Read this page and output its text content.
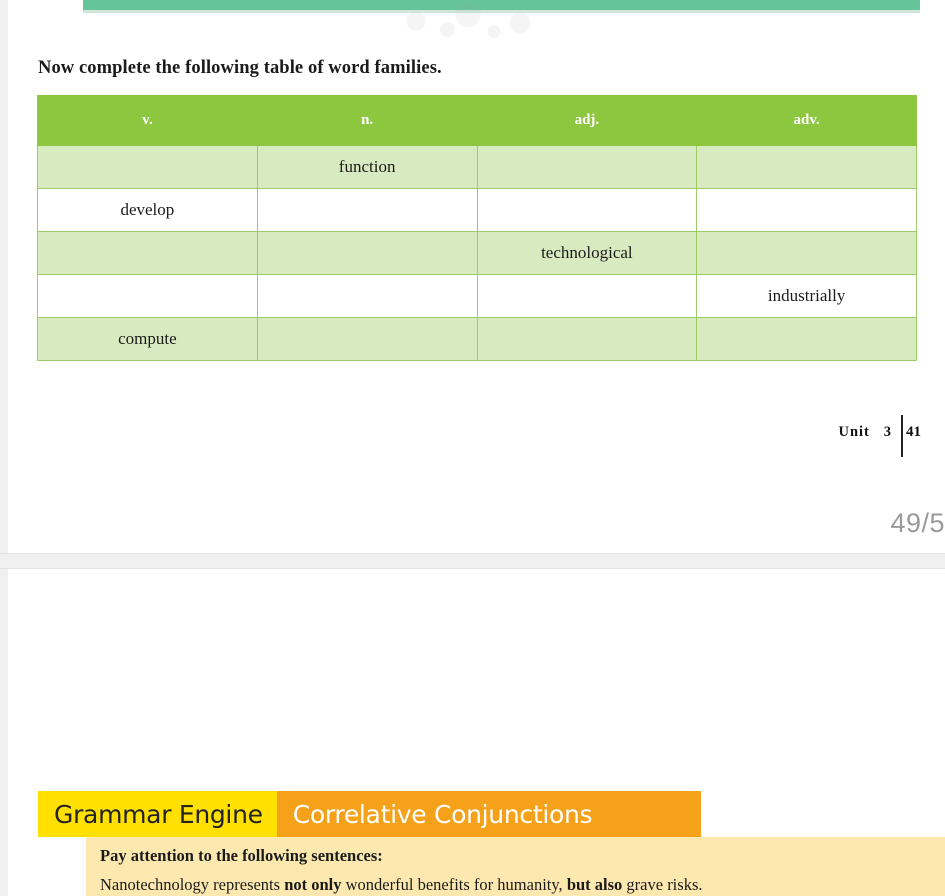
Now complete the following table of word families.
v.	n.	adj.	adv.
	function		
develop			
		technological	
			industrially
compute			
Unit 3 41
49/5
Grammar Engine	Correlative Conjunctions
Pay attention to the following sentences:
Nanotechnology represents not only wonderful benefits for humanity, but also grave risks.
